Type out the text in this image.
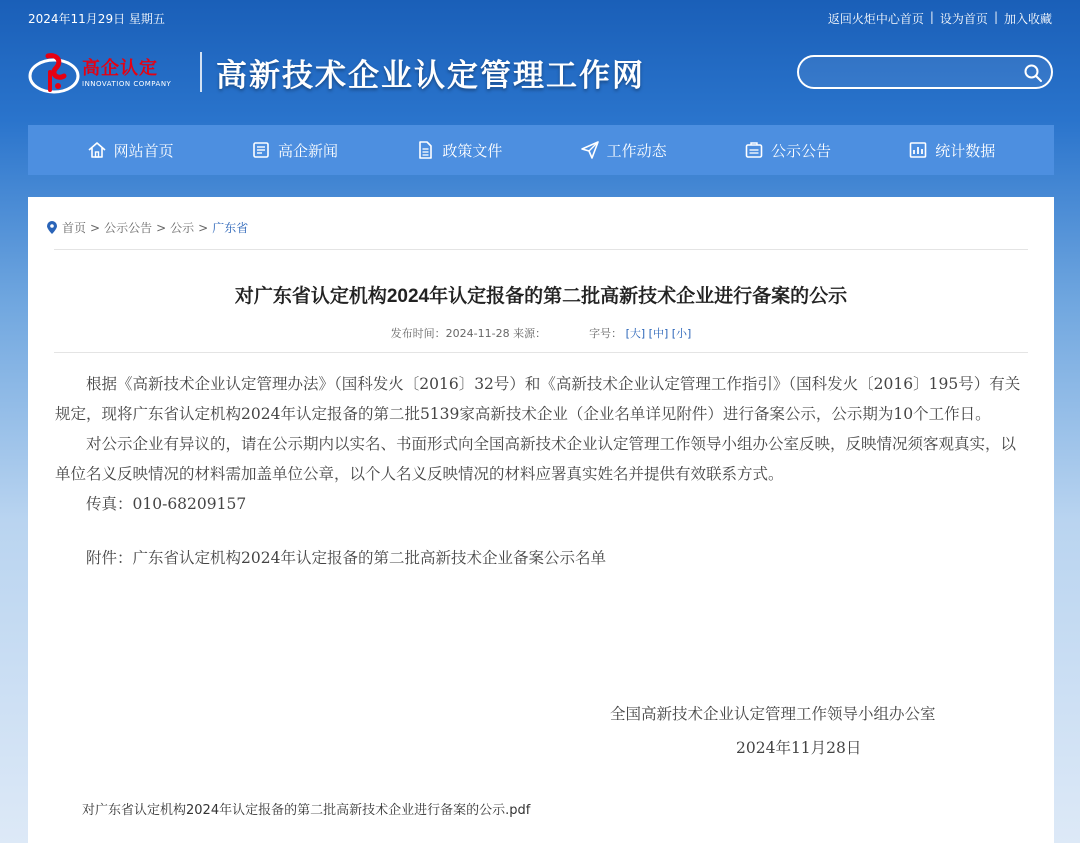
2024年11月29日 星期五	返回火炬中心首页 | 设为首页 | 加入收藏
高企认定
INNOVATION COMPANY 高新技术企业认定管理工作网
网站首页	高企新闻	政策文件	工作动态	公示公告	统计数据
首页 > 公示公告 > 公示 > 广东省
对广东省认定机构2024年认定报备的第二批高新技术企业进行备案的公示
发布时间：2024-11-28 来源：	字号： [大] [中] [小]

根据《高新技术企业认定管理办法》（国科发火〔2016〕32号）和《高新技术企业认定管理工作指引》（国科发火〔2016〕195号）有关规定，现将广东省认定机构2024年认定报备的第二批5139家高新技术企业（企业名单详见附件）进行备案公示，公示期为10个工作日。

对公示企业有异议的，请在公示期内以实名、书面形式向全国高新技术企业认定管理工作领导小组办公室反映，反映情况须客观真实，以单位名义反映情况的材料需加盖单位公章，以个人名义反映情况的材料应署真实姓名并提供有效联系方式。

传真：010-68209157

附件：广东省认定机构2024年认定报备的第二批高新技术企业备案公示名单

全国高新技术企业认定管理工作领导小组办公室
2024年11月28日
对广东省认定机构2024年认定报备的第二批高新技术企业进行备案的公示.pdf
